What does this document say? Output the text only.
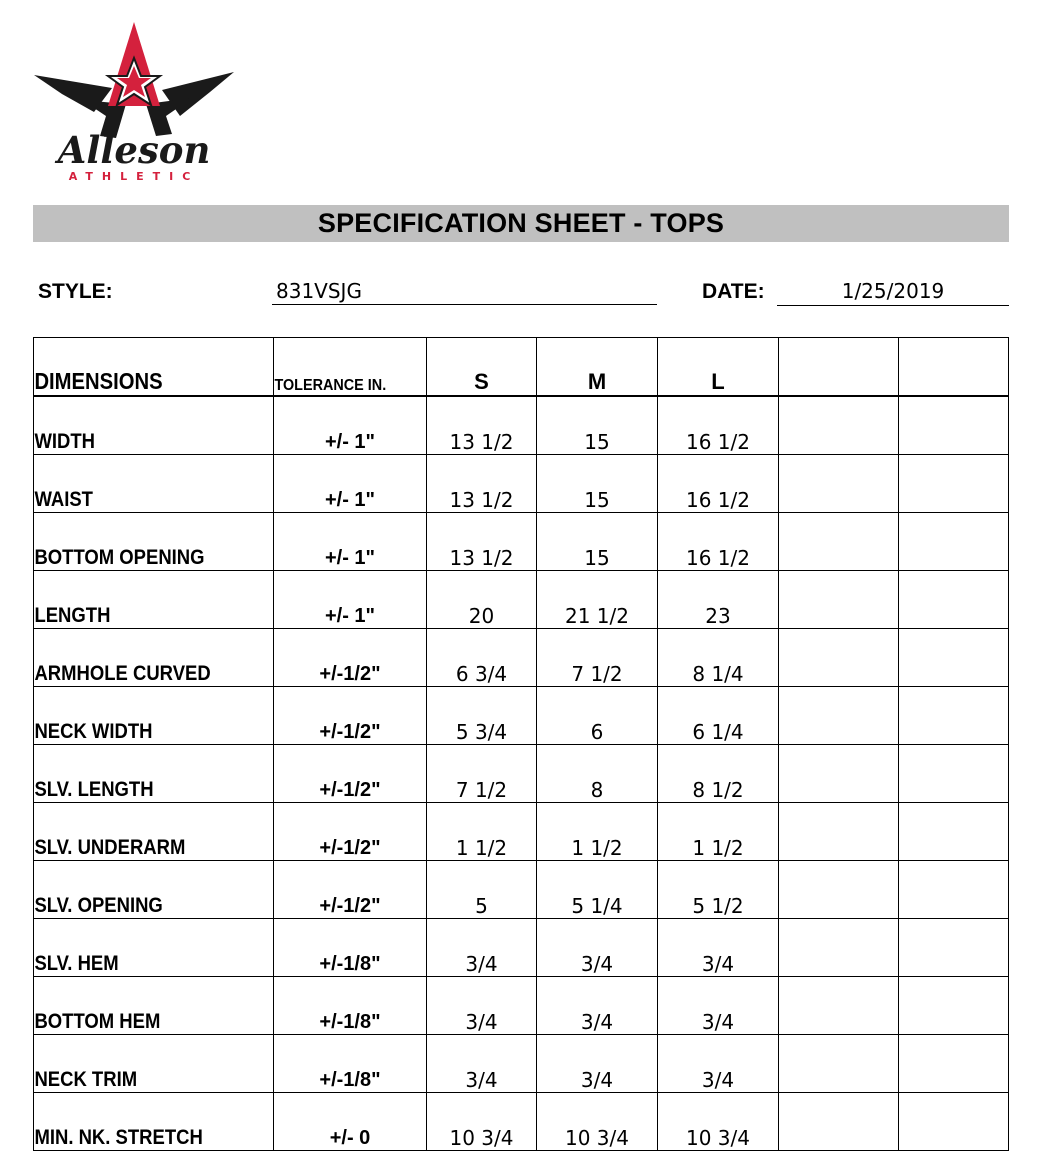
Alleson
ATHLETIC
SPECIFICATION SHEET - TOPS
STYLE:	831VSJG	DATE:	1/25/2019
DIMENSIONS	TOLERANCE IN.	S	M	L		
WIDTH	+/- 1"	13 1/2	15	16 1/2		
WAIST	+/- 1"	13 1/2	15	16 1/2		
BOTTOM OPENING	+/- 1"	13 1/2	15	16 1/2		
LENGTH	+/- 1"	20	21 1/2	23		
ARMHOLE CURVED	+/-1/2"	6 3/4	7 1/2	8 1/4		
NECK WIDTH	+/-1/2"	5 3/4	6	6 1/4		
SLV. LENGTH	+/-1/2"	7 1/2	8	8 1/2		
SLV. UNDERARM	+/-1/2"	1 1/2	1 1/2	1 1/2		
SLV. OPENING	+/-1/2"	5	5 1/4	5 1/2		
SLV. HEM	+/-1/8"	3/4	3/4	3/4		
BOTTOM HEM	+/-1/8"	3/4	3/4	3/4		
NECK TRIM	+/-1/8"	3/4	3/4	3/4		
MIN. NK. STRETCH	+/- 0	10 3/4	10 3/4	10 3/4		
